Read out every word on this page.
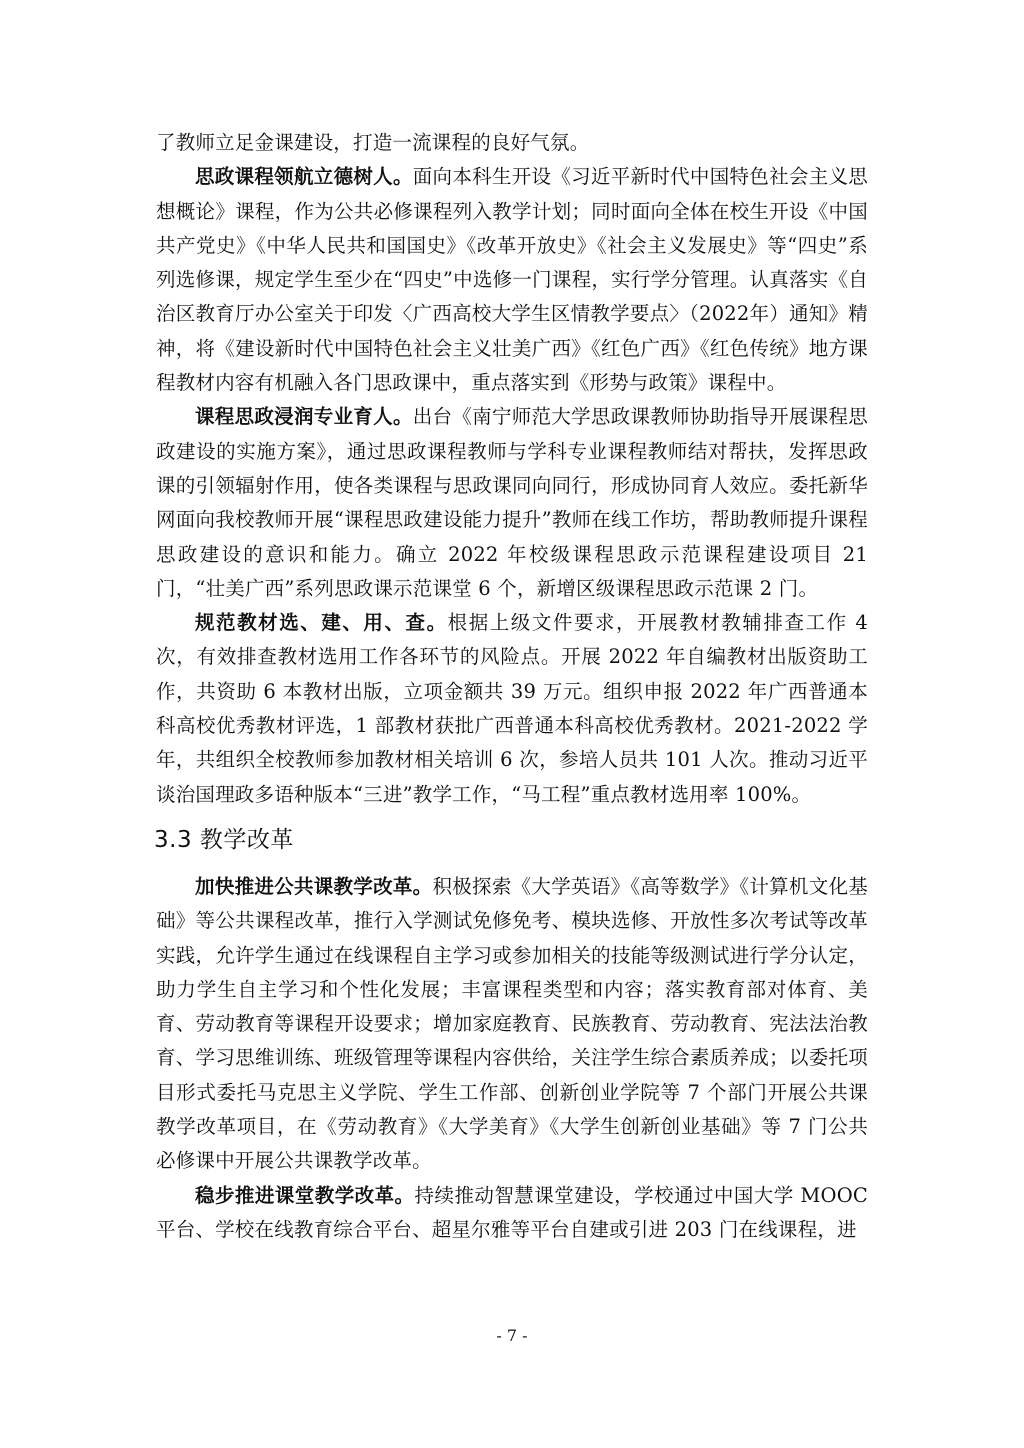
了教师立足金课建设，打造一流课程的良好气氛。

思政课程领航立德树人。面向本科生开设《习近平新时代中国特色社会主义思想概论》课程，作为公共必修课程列入教学计划；同时面向全体在校生开设《中国共产党史》《中华人民共和国国史》《改革开放史》《社会主义发展史》等“四史”系列选修课，规定学生至少在“四史”中选修一门课程，实行学分管理。认真落实《自治区教育厅办公室关于印发〈广西高校大学生区情教学要点〉（2022年）通知》精神，将《建设新时代中国特色社会主义壮美广西》《红色广西》《红色传统》地方课程教材内容有机融入各门思政课中，重点落实到《形势与政策》课程中。

课程思政浸润专业育人。出台《南宁师范大学思政课教师协助指导开展课程思政建设的实施方案》，通过思政课程教师与学科专业课程教师结对帮扶，发挥思政课的引领辐射作用，使各类课程与思政课同向同行，形成协同育人效应。委托新华网面向我校教师开展“课程思政建设能力提升”教师在线工作坊，帮助教师提升课程思政建设的意识和能力。确立 2022 年校级课程思政示范课程建设项目 21 门，“壮美广西”系列思政课示范课堂 6 个，新增区级课程思政示范课 2 门。

规范教材选、建、用、查。根据上级文件要求，开展教材教辅排查工作 4 次，有效排查教材选用工作各环节的风险点。开展 2022 年自编教材出版资助工作，共资助 6 本教材出版，立项金额共 39 万元。组织申报 2022 年广西普通本科高校优秀教材评选，1 部教材获批广西普通本科高校优秀教材。2021-2022 学年，共组织全校教师参加教材相关培训 6 次，参培人员共 101 人次。推动习近平谈治国理政多语种版本“三进”教学工作，“马工程”重点教材选用率 100%。

3.3 教学改革

加快推进公共课教学改革。积极探索《大学英语》《高等数学》《计算机文化基础》等公共课程改革，推行入学测试免修免考、模块选修、开放性多次考试等改革实践，允许学生通过在线课程自主学习或参加相关的技能等级测试进行学分认定，助力学生自主学习和个性化发展；丰富课程类型和内容；落实教育部对体育、美育、劳动教育等课程开设要求；增加家庭教育、民族教育、劳动教育、宪法法治教育、学习思维训练、班级管理等课程内容供给，关注学生综合素质养成；以委托项目形式委托马克思主义学院、学生工作部、创新创业学院等 7 个部门开展公共课教学改革项目，在《劳动教育》《大学美育》《大学生创新创业基础》等 7 门公共必修课中开展公共课教学改革。

稳步推进课堂教学改革。持续推动智慧课堂建设，学校通过中国大学 MOOC 平台、学校在线教育综合平台、超星尔雅等平台自建或引进 203 门在线课程，进

- 7 -
